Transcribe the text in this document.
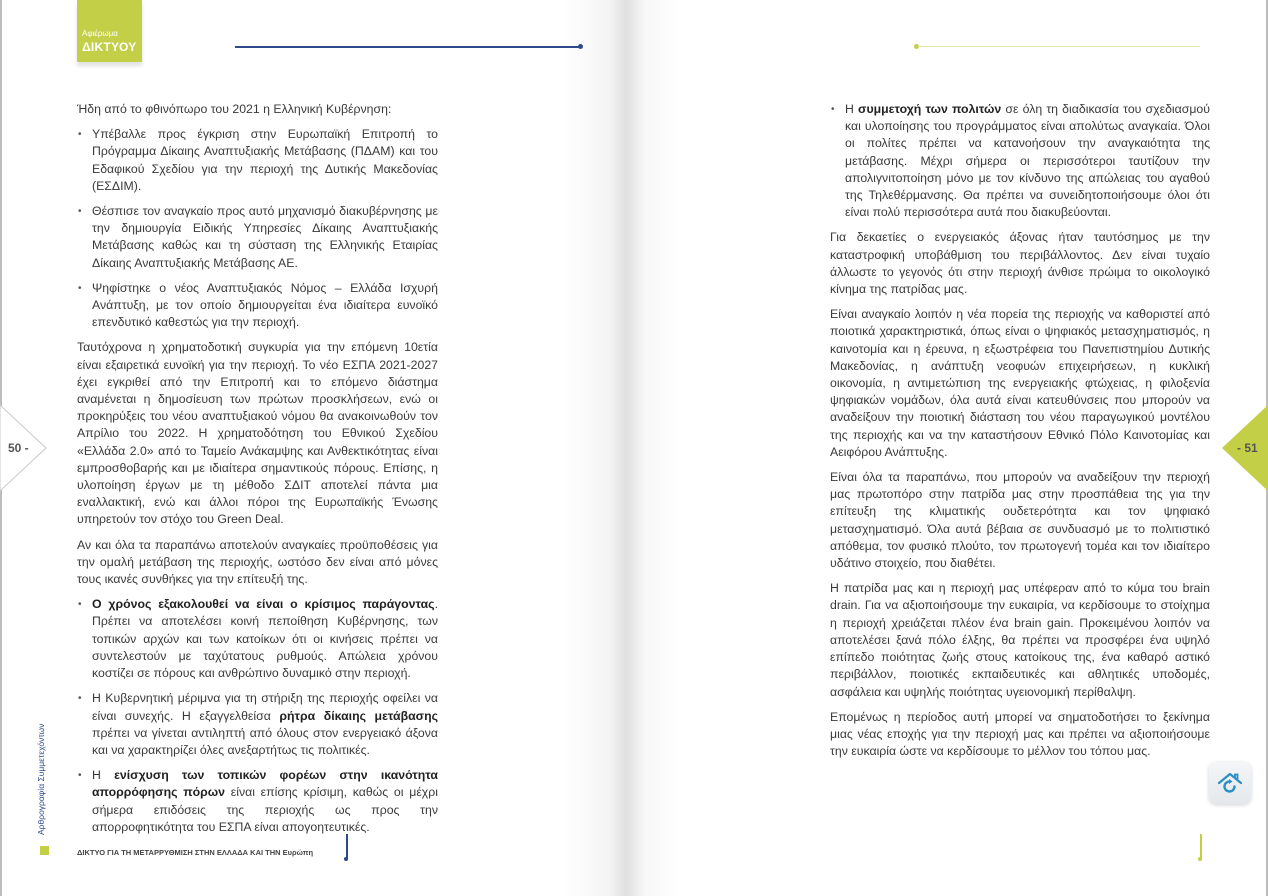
Αφιέρωμα
ΔΙΚΤΥΟΥ

Ήδη από το φθινόπωρο του 2021 η Ελληνική Κυβέρνηση:

• Υπέβαλλε προς έγκριση στην Ευρωπαϊκή Επιτροπή το Πρόγραμμα Δίκαιης Αναπτυξιακής Μετάβασης (ΠΔΑΜ) και του Εδαφικού Σχεδίου για την περιοχή της Δυτικής Μακεδονίας (ΕΣΔΙΜ).
• Θέσπισε τον αναγκαίο προς αυτό μηχανισμό διακυβέρνησης με την δημιουργία Ειδικής Υπηρεσίες Δίκαιης Αναπτυξιακής Μετάβασης καθώς και τη σύσταση της Ελληνικής Εταιρίας Δίκαιης Αναπτυξιακής Μετάβασης ΑΕ.
• Ψηφίστηκε ο νέος Αναπτυξιακός Νόμος – Ελλάδα Ισχυρή Ανάπτυξη, με τον οποίο δημιουργείται ένα ιδιαίτερα ευνοϊκό επενδυτικό καθεστώς για την περιοχή.

Ταυτόχρονα η χρηματοδοτική συγκυρία για την επόμενη 10ετία είναι εξαιρετικά ευνοϊκή για την περιοχή. Το νέο ΕΣΠΑ 2021-2027 έχει εγκριθεί από την Επιτροπή και το επόμενο διάστημα αναμένεται η δημοσίευση των πρώτων προσκλήσεων, ενώ οι προκηρύξεις του νέου αναπτυξιακού νόμου θα ανακοινωθούν τον Απρίλιο του 2022. Η χρηματοδότηση του Εθνικού Σχεδίου «Ελλάδα 2.0» από το Ταμείο Ανάκαμψης και Ανθεκτικότητας είναι εμπροσθοβαρής και με ιδιαίτερα σημαντικούς πόρους. Επίσης, η υλοποίηση έργων με τη μέθοδο ΣΔΙΤ αποτελεί πάντα μια εναλλακτική, ενώ και άλλοι πόροι της Ευρωπαϊκής Ένωσης υπηρετούν τον στόχο του Green Deal.

Αν και όλα τα παραπάνω αποτελούν αναγκαίες προϋποθέσεις για την ομαλή μετάβαση της περιοχής, ωστόσο δεν είναι από μόνες τους ικανές συνθήκες για την επίτευξή της.

• Ο χρόνος εξακολουθεί να είναι ο κρίσιμος παράγοντας. Πρέπει να αποτελέσει κοινή πεποίθηση Κυβέρνησης, των τοπικών αρχών και των κατοίκων ότι οι κινήσεις πρέπει να συντελεστούν με ταχύτατους ρυθμούς. Απώλεια χρόνου κοστίζει σε πόρους και ανθρώπινο δυναμικό στην περιοχή.
• Η Κυβερνητική μέριμνα για τη στήριξη της περιοχής οφείλει να είναι συνεχής. Η εξαγγελθείσα ρήτρα δίκαιης μετάβασης πρέπει να γίνεται αντιληπτή από όλους στον ενεργειακό άξονα και να χαρακτηρίζει όλες ανεξαρτήτως τις πολιτικές.
• Η ενίσχυση των τοπικών φορέων στην ικανότητα απορρόφησης πόρων είναι επίσης κρίσιμη, καθώς οι μέχρι σήμερα επιδόσεις της περιοχής ως προς την απορροφητικότητα του ΕΣΠΑ είναι απογοητευτικές.
• Η συμμετοχή των πολιτών σε όλη τη διαδικασία του σχεδιασμού και υλοποίησης του προγράμματος είναι απολύτως αναγκαία. Όλοι οι πολίτες πρέπει να κατανοήσουν την αναγκαιότητα της μετάβασης. Μέχρι σήμερα οι περισσότεροι ταυτίζουν την απολιγνιτοποίηση μόνο με τον κίνδυνο της απώλειας του αγαθού της Τηλεθέρμανσης. Θα πρέπει να συνειδητοποιήσουμε όλοι ότι είναι πολύ περισσότερα αυτά που διακυβεύονται.

Για δεκαετίες ο ενεργειακός άξονας ήταν ταυτόσημος με την καταστροφική υποβάθμιση του περιβάλλοντος. Δεν είναι τυχαίο άλλωστε το γεγονός ότι στην περιοχή άνθισε πρώιμα το οικολογικό κίνημα της πατρίδας μας.

Είναι αναγκαίο λοιπόν η νέα πορεία της περιοχής να καθοριστεί από ποιοτικά χαρακτηριστικά, όπως είναι ο ψηφιακός μετασχηματισμός, η καινοτομία και η έρευνα, η εξωστρέφεια του Πανεπιστημίου Δυτικής Μακεδονίας, η ανάπτυξη νεοφυών επιχειρήσεων, η κυκλική οικονομία, η αντιμετώπιση της ενεργειακής φτώχειας, η φιλοξενία ψηφιακών νομάδων, όλα αυτά είναι κατευθύνσεις που μπορούν να αναδείξουν την ποιοτική διάσταση του νέου παραγωγικού μοντέλου της περιοχής και να την καταστήσουν Εθνικό Πόλο Καινοτομίας και Αειφόρου Ανάπτυξης.

Είναι όλα τα παραπάνω, που μπορούν να αναδείξουν την περιοχή μας πρωτοπόρο στην πατρίδα μας στην προσπάθεια της για την επίτευξη της κλιματικής ουδετερότητα και τον ψηφιακό μετασχηματισμό. Όλα αυτά βέβαια σε συνδυασμό με το πολιτιστικό απόθεμα, τον φυσικό πλούτο, τον πρωτογενή τομέα και τον ιδιαίτερο υδάτινο στοιχείο, που διαθέτει.

Η πατρίδα μας και η περιοχή μας υπέφεραν από το κύμα του brain drain. Για να αξιοποιήσουμε την ευκαιρία, να κερδίσουμε το στοίχημα η περιοχή χρειάζεται πλέον ένα brain gain. Προκειμένου λοιπόν να αποτελέσει ξανά πόλο έλξης, θα πρέπει να προσφέρει ένα υψηλό επίπεδο ποιότητας ζωής στους κατοίκους της, ένα καθαρό αστικό περιβάλλον, ποιοτικές εκπαιδευτικές και αθλητικές υποδομές, ασφάλεια και υψηλής ποιότητας υγειονομική περίθαλψη.

Επομένως η περίοδος αυτή μπορεί να σηματοδοτήσει το ξεκίνημα μιας νέας εποχής για την περιοχή μας και πρέπει να αξιοποιήσουμε την ευκαιρία ώστε να κερδίσουμε το μέλλον του τόπου μας.

50 -	- 51
Αρθρογραφία Συμμετεχόντων
ΔΙΚΤΥΟ ΓΙΑ ΤΗ ΜΕΤΑΡΡΥΘΜΙΣΗ ΣΤΗΝ ΕΛΛΑΔΑ ΚΑΙ ΤΗΝ Ευρώπη
